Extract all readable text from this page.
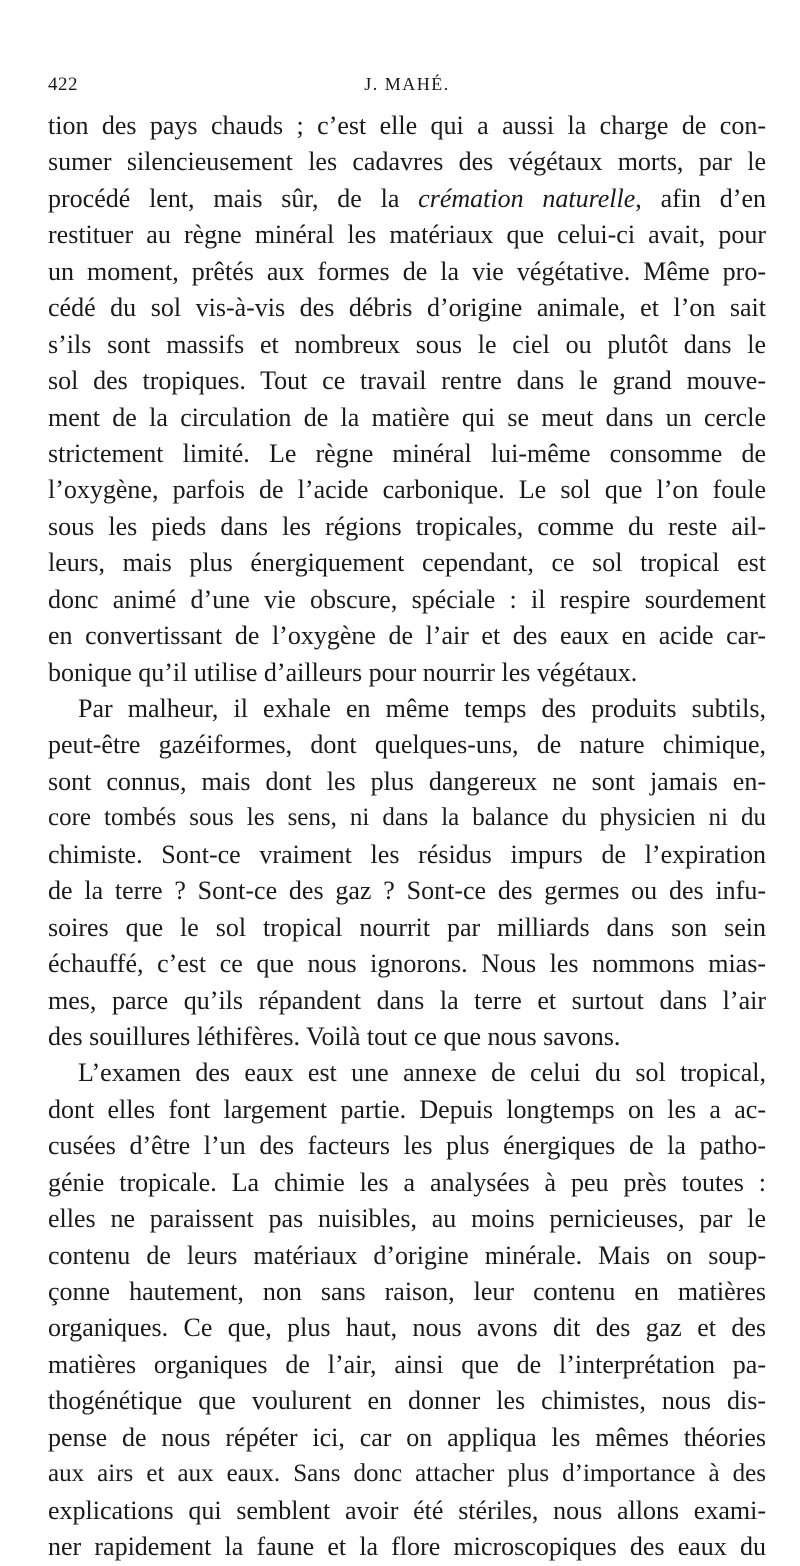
422	J. MAHÉ.
tion des pays chauds ; c’est elle qui a aussi la charge de con-
sumer silencieusement les cadavres des végétaux morts, par le
procédé lent, mais sûr, de la crémation naturelle, afin d’en
restituer au règne minéral les matériaux que celui-ci avait, pour
un moment, prêtés aux formes de la vie végétative. Même pro-
cédé du sol vis-à-vis des débris d’origine animale, et l’on sait
s’ils sont massifs et nombreux sous le ciel ou plutôt dans le
sol des tropiques. Tout ce travail rentre dans le grand mouve-
ment de la circulation de la matière qui se meut dans un cercle
strictement limité. Le règne minéral lui-même consomme de
l’oxygène, parfois de l’acide carbonique. Le sol que l’on foule
sous les pieds dans les régions tropicales, comme du reste ail-
leurs, mais plus énergiquement cependant, ce sol tropical est
donc animé d’une vie obscure, spéciale : il respire sourdement
en convertissant de l’oxygène de l’air et des eaux en acide car-
bonique qu’il utilise d’ailleurs pour nourrir les végétaux.
Par malheur, il exhale en même temps des produits subtils,
peut-être gazéiformes, dont quelques-uns, de nature chimique,
sont connus, mais dont les plus dangereux ne sont jamais en-
core tombés sous les sens, ni dans la balance du physicien ni du
chimiste. Sont-ce vraiment les résidus impurs de l’expiration
de la terre ? Sont-ce des gaz ? Sont-ce des germes ou des infu-
soires que le sol tropical nourrit par milliards dans son sein
échauffé, c’est ce que nous ignorons. Nous les nommons mias-
mes, parce qu’ils répandent dans la terre et surtout dans l’air
des souillures léthifères. Voilà tout ce que nous savons.
L’examen des eaux est une annexe de celui du sol tropical,
dont elles font largement partie. Depuis longtemps on les a ac-
cusées d’être l’un des facteurs les plus énergiques de la patho-
génie tropicale. La chimie les a analysées à peu près toutes :
elles ne paraissent pas nuisibles, au moins pernicieuses, par le
contenu de leurs matériaux d’origine minérale. Mais on soup-
çonne hautement, non sans raison, leur contenu en matières
organiques. Ce que, plus haut, nous avons dit des gaz et des
matières organiques de l’air, ainsi que de l’interprétation pa-
thogénétique que voulurent en donner les chimistes, nous dis-
pense de nous répéter ici, car on appliqua les mêmes théories
aux airs et aux eaux. Sans donc attacher plus d’importance à des
explications qui semblent avoir été stériles, nous allons exami-
ner rapidement la faune et la flore microscopiques des eaux du
